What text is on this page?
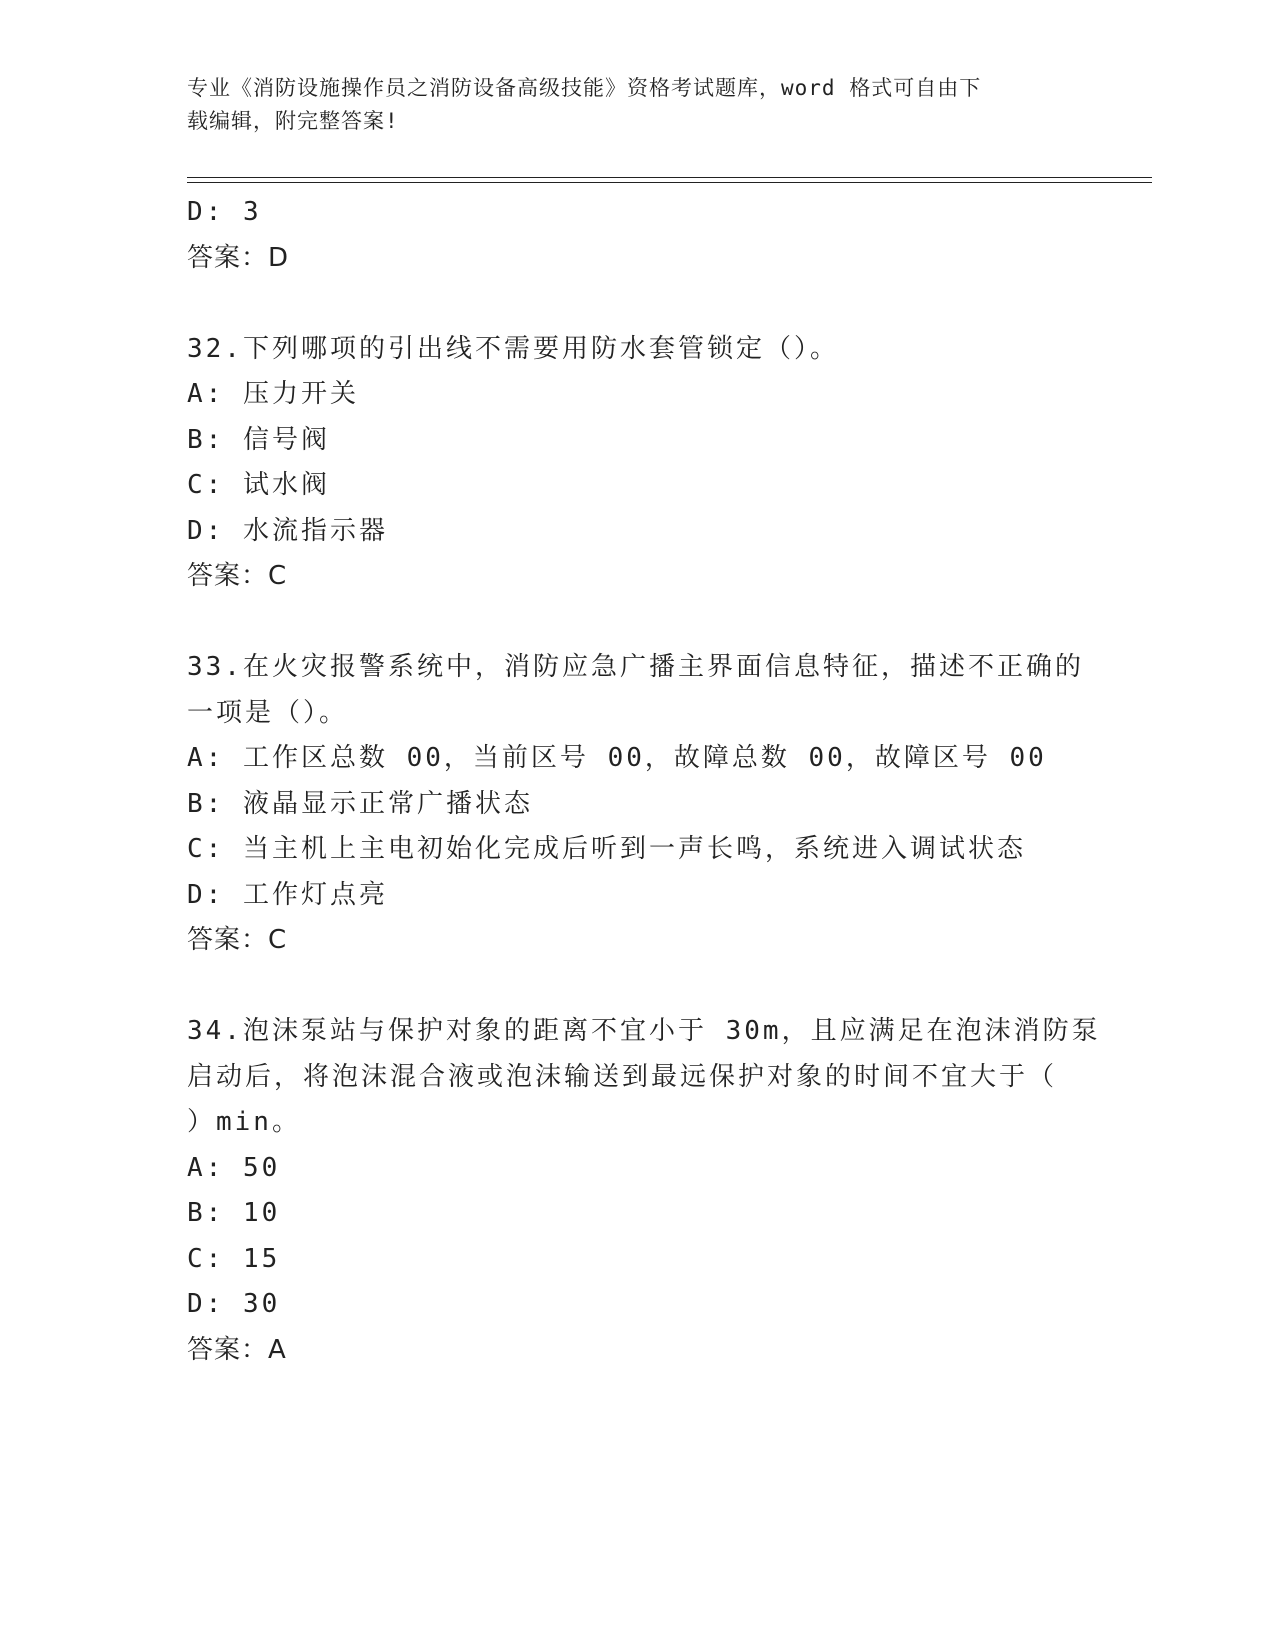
专业《消防设施操作员之消防设备高级技能》资格考试题库，word 格式可自由下
载编辑，附完整答案!
D: 3
答案：D
32.下列哪项的引出线不需要用防水套管锁定（）。
A: 压力开关
B: 信号阀
C: 试水阀
D: 水流指示器
答案：C
33.在火灾报警系统中，消防应急广播主界面信息特征，描述不正确的
一项是（）。
A: 工作区总数 00，当前区号 00，故障总数 00，故障区号 00
B: 液晶显示正常广播状态
C: 当主机上主电初始化完成后听到一声长鸣，系统进入调试状态
D: 工作灯点亮
答案：C
34.泡沫泵站与保护对象的距离不宜小于 30m，且应满足在泡沫消防泵
启动后，将泡沫混合液或泡沫输送到最远保护对象的时间不宜大于（
）min。
A: 50
B: 10
C: 15
D: 30
答案：A
